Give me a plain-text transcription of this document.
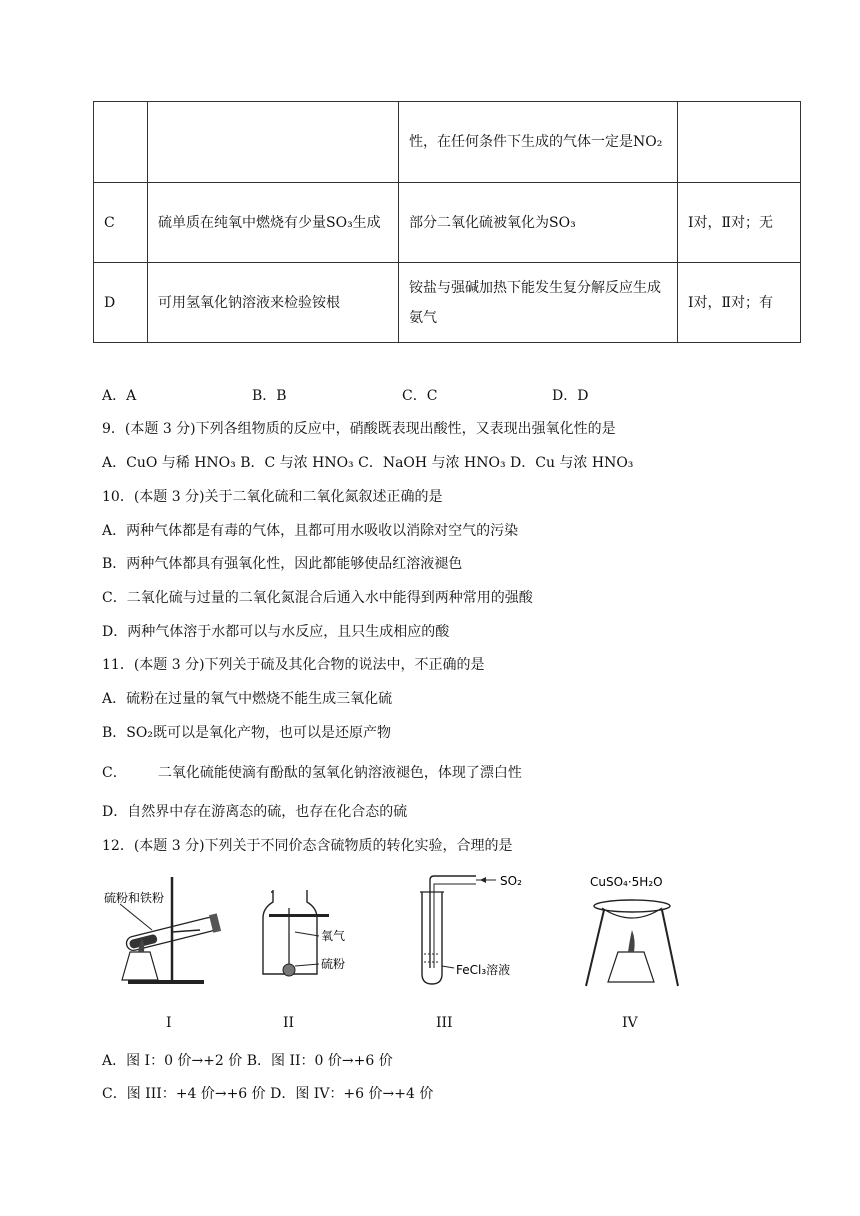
		性，在任何条件下生成的气体一定是NO₂	
C	硫单质在纯氧中燃烧有少量SO₃生成	部分二氧化硫被氧化为SO₃	Ⅰ对，Ⅱ对；无
D	可用氢氧化钠溶液来检验铵根	铵盐与强碱加热下能发生复分解反应生成氨气	Ⅰ对，Ⅱ对；有
A．A	B．B	C．C	D．D
9．(本题 3 分)下列各组物质的反应中，硝酸既表现出酸性，又表现出强氧化性的是
A．CuO 与稀 HNO₃ B．C 与浓 HNO₃ C．NaOH 与浓 HNO₃ D．Cu 与浓 HNO₃
10．(本题 3 分)关于二氧化硫和二氧化氮叙述正确的是
A．两种气体都是有毒的气体，且都可用水吸收以消除对空气的污染
B．两种气体都具有强氧化性，因此都能够使品红溶液褪色
C．二氧化硫与过量的二氧化氮混合后通入水中能得到两种常用的强酸
D．两种气体溶于水都可以与水反应，且只生成相应的酸
11．(本题 3 分)下列关于硫及其化合物的说法中，不正确的是
A．硫粉在过量的氧气中燃烧不能生成三氧化硫
B．SO₂既可以是氧化产物，也可以是还原产物
C．       二氧化硫能使滴有酚酞的氢氧化钠溶液褪色，体现了漂白性
D．自然界中存在游离态的硫，也存在化合态的硫
12．(本题 3 分)下列关于不同价态含硫物质的转化实验，合理的是
硫粉和铁粉
氧气
硫粉
SO₂
FeCl₃溶液
CuSO₄·5H₂O
I	II	III	IV
A．图 I：0 价→+2 价 B．图 II：0 价→+6 价
C．图 III：+4 价→+6 价 D．图 IV：+6 价→+4 价
